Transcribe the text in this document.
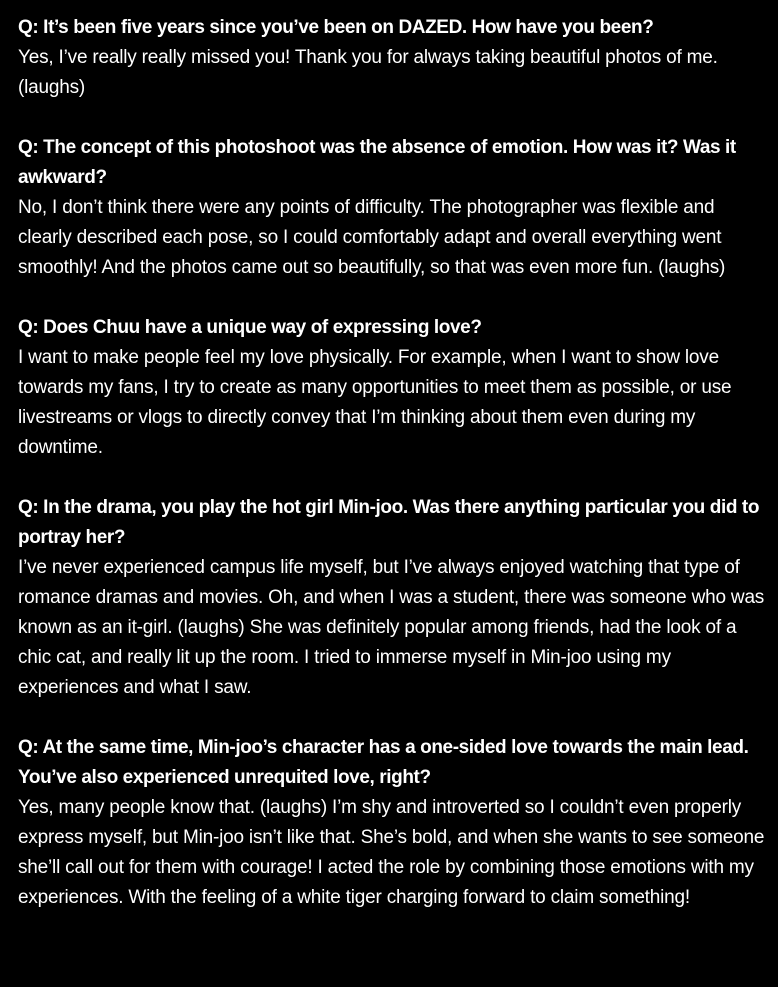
Q: It’s been five years since you’ve been on DAZED. How have you been?

Yes, I’ve really really missed you! Thank you for always taking beautiful photos of me. (laughs)

Q: The concept of this photoshoot was the absence of emotion. How was it? Was it awkward?

No, I don’t think there were any points of difficulty. The photographer was flexible and clearly described each pose, so I could comfortably adapt and overall everything went smoothly! And the photos came out so beautifully, so that was even more fun. (laughs)

Q: Does Chuu have a unique way of expressing love?

I want to make people feel my love physically. For example, when I want to show love towards my fans, I try to create as many opportunities to meet them as possible, or use livestreams or vlogs to directly convey that I’m thinking about them even during my downtime.

Q: In the drama, you play the hot girl Min-joo. Was there anything particular you did to portray her?

I’ve never experienced campus life myself, but I’ve always enjoyed watching that type of romance dramas and movies. Oh, and when I was a student, there was someone who was known as an it-girl. (laughs) She was definitely popular among friends, had the look of a chic cat, and really lit up the room. I tried to immerse myself in Min-joo using my experiences and what I saw.

Q: At the same time, Min-joo’s character has a one-sided love towards the main lead. You’ve also experienced unrequited love, right?

Yes, many people know that. (laughs) I’m shy and introverted so I couldn’t even properly express myself, but Min-joo isn’t like that. She’s bold, and when she wants to see someone she’ll call out for them with courage! I acted the role by combining those emotions with my experiences. With the feeling of a white tiger charging forward to claim something!
